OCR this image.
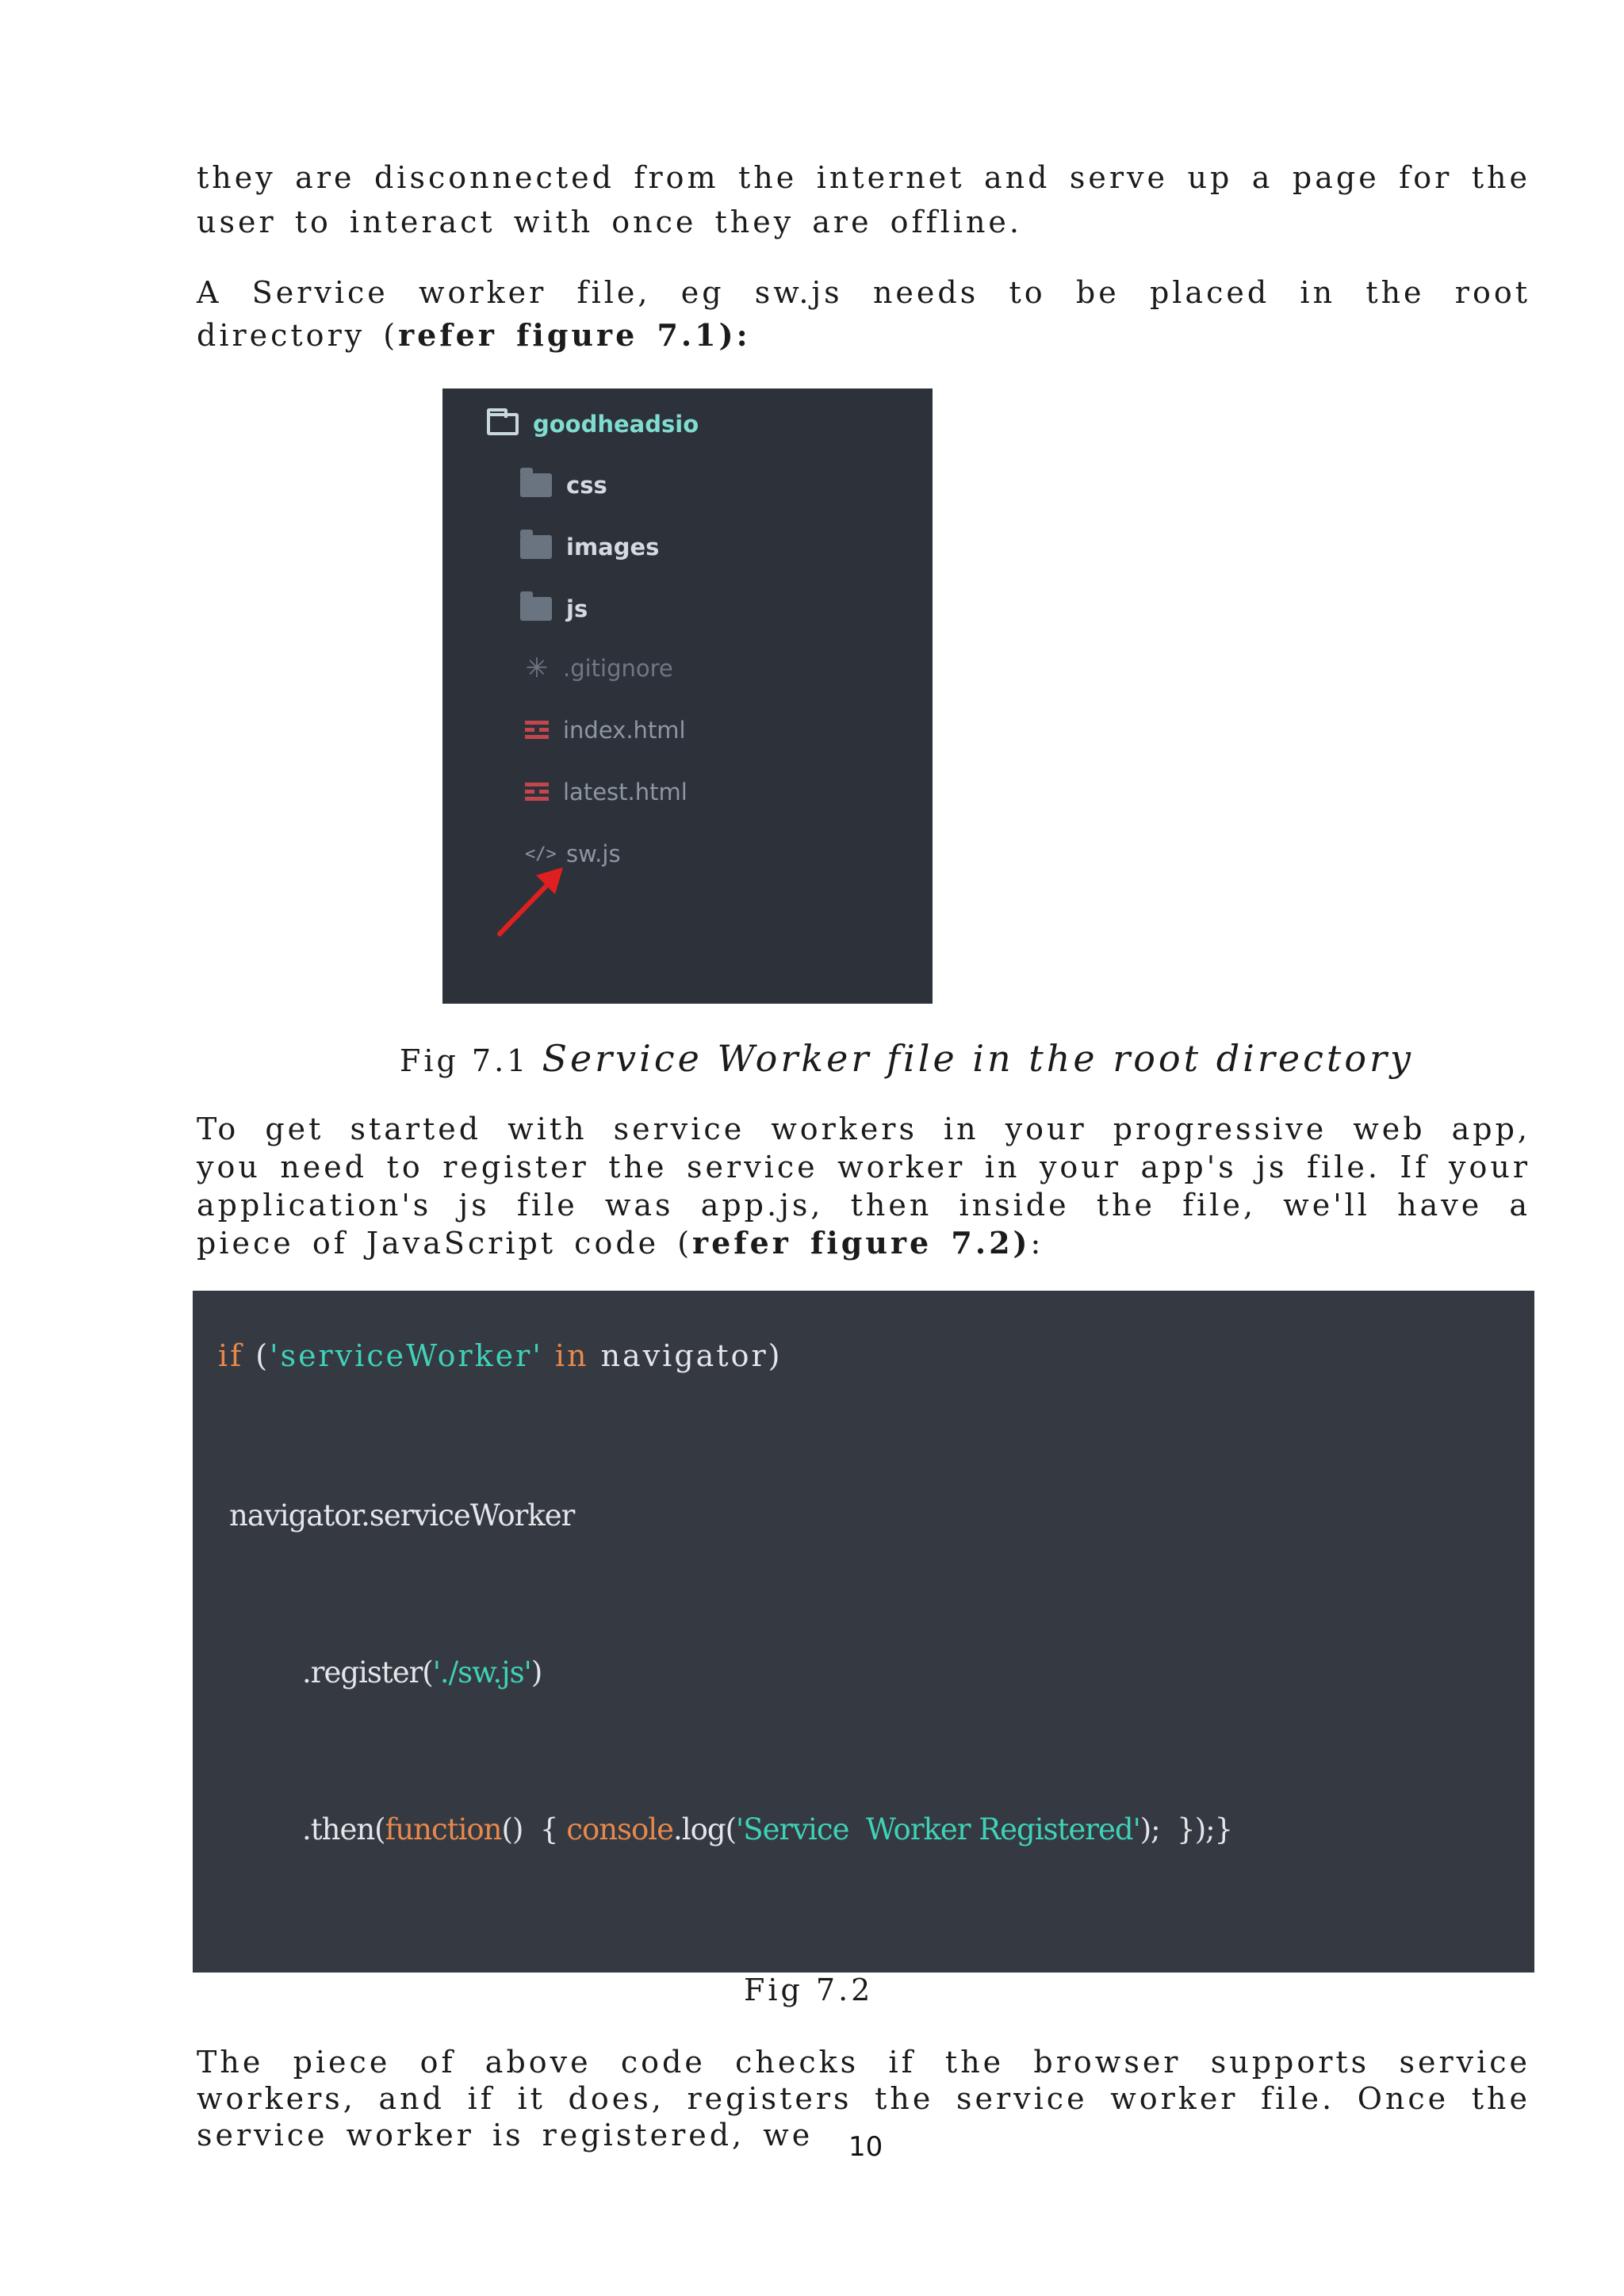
they are disconnected from the internet and serve up a page for the user to interact with once they are offline.

A Service worker file, eg sw.js needs to be placed in the root directory (refer figure 7.1):

goodheadsio
css
images
js
✳ .gitignore
index.html
latest.html
</> sw.js
Fig 7.1 Service Worker file in the root directory

To get started with service workers in your progressive web app, you need to register the service worker in your app's js file. If your application's js file was app.js, then inside the file, we'll have a piece of JavaScript code (refer figure 7.2):

if ('serviceWorker' in navigator)
navigator.serviceWorker
.register('./sw.js')
.then(function()  { console.log('Service  Worker Registered');  });}
Fig 7.2

The piece of above code checks if the browser supports service workers, and if it does, registers the service worker file. Once the service worker is registered, we	10
